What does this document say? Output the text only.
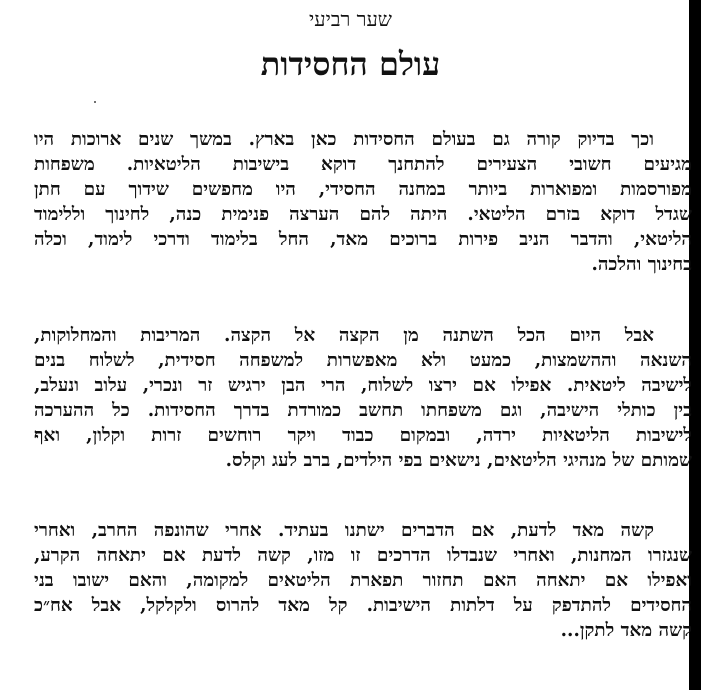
שער רביעי
עולם החסידות
וכך בדיוק קורה גם בעולם החסידות כאן בארץ. במשך שנים ארוכות היו
מגיעים חשובי הצעירים להתחנך דוקא בישיבות הליטאיות. משפחות
מפורסמות ומפוארות ביותר במחנה החסידי, היו מחפשים שידוך עם חתן
שגדל דוקא בזרם הליטאי. היתה להם הערצה פנימית כנה, לחינוך וללימוד
הליטאי, והדבר הניב פירות ברוכים מאד, החל בלימוד ודרכי לימוד, וכלה
בחינוך והלכה.
אבל היום הכל השתנה מן הקצה אל הקצה. המריבות והמחלוקות,
השנאה וההשמצות, כמעט ולא מאפשרות למשפחה חסידית, לשלוח בנים
לישיבה ליטאית. אפילו אם ירצו לשלוח, הרי הבן ירגיש זר ונכרי, עלוב ונעלב,
בין כותלי הישיבה, וגם משפחתו תחשב כמורדת בדרך החסידות. כל ההערכה
לישיבות הליטאיות ירדה, ובמקום כבוד ויקר רוחשים זרות וקלון, ואף
שמותם של מנהיגי הליטאים, נישאים בפי הילדים, ברב לעג וקלס.
קשה מאד לדעת, אם הדברים ישתנו בעתיד. אחרי שהונפה החרב, ואחרי
שנגזרו המחנות, ואחרי שנבדלו הדרכים זו מזו, קשה לדעת אם יתאחה הקרע,
ואפילו אם יתאחה האם תחזור תפארת הליטאים למקומה, והאם ישובו בני
החסידים להתדפק על דלתות הישיבות. קל מאד להרוס ולקלקל, אבל אח״כ
קשה מאד לתקן...
